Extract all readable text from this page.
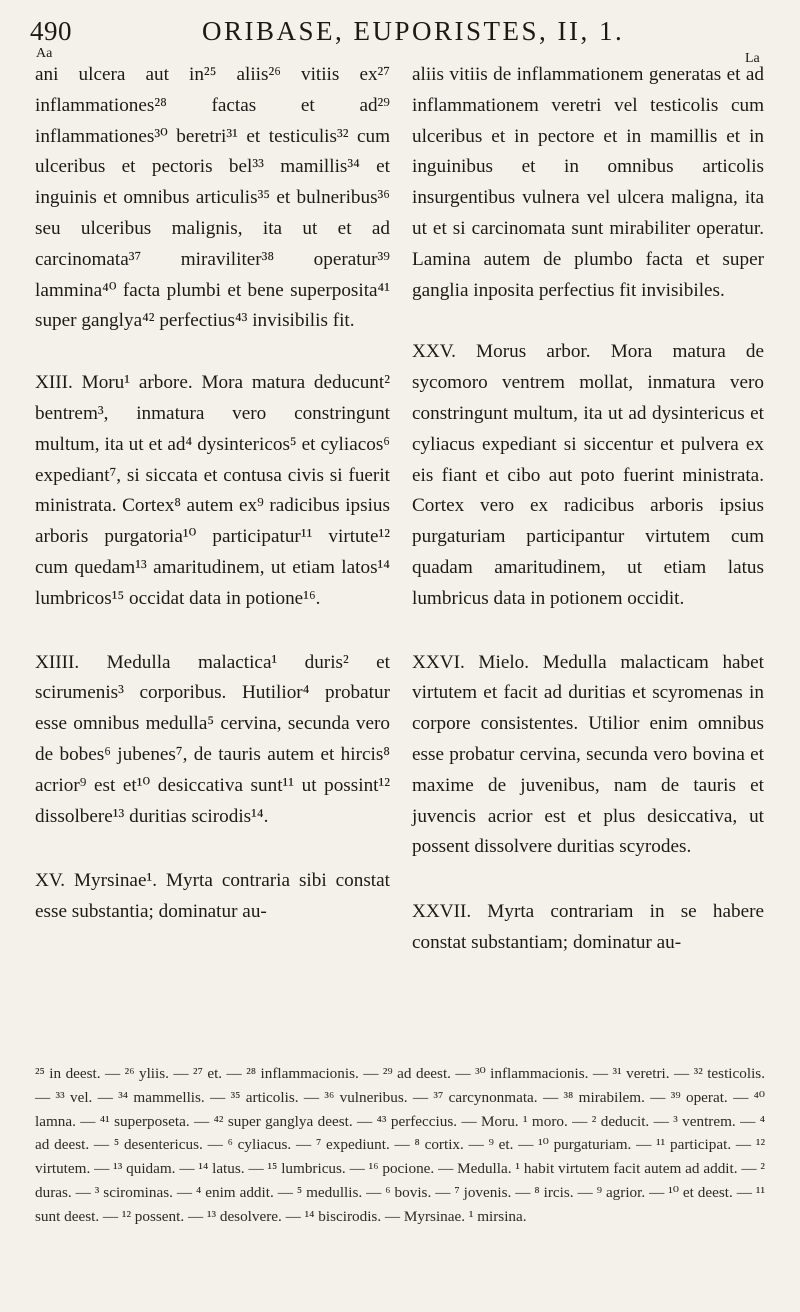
490	ORIBASE, EUPORISTES, II, 1.
Aa	La

ani ulcera aut in²⁵ aliis²⁶ vitiis ex²⁷ inflammationes²⁸ factas et ad²⁹ inflammationes³⁰ beretri³¹ et testiculis³² cum ulceribus et pectoris bel³³ mamillis³⁴ et inguinis et omnibus articulis³⁵ et bulneribus³⁶ seu ulceribus malignis, ita ut et ad carcinomata³⁷ miraviliter³⁸ operatur³⁹ lammina⁴⁰ facta plumbi et bene superposita⁴¹ super ganglya⁴² perfectius⁴³ invisibilis fit.

XIII. Moru¹ arbore. Mora matura deducunt² bentrem³, inmatura vero constringunt multum, ita ut et ad⁴ dysintericos⁵ et cyliacos⁶ expediant⁷, si siccata et contusa civis si fuerit ministrata. Cortex⁸ autem ex⁹ radicibus ipsius arboris purgatoria¹⁰ participatur¹¹ virtute¹² cum quedam¹³ amaritudinem, ut etiam latos¹⁴ lumbricos¹⁵ occidat data in potione¹⁶.

XIIII. Medulla malactica¹ duris² et scirumenis³ corporibus. Hutilior⁴ probatur esse omnibus medulla⁵ cervina, secunda vero de bobes⁶ jubenes⁷, de tauris autem et hircis⁸ acrior⁹ est et¹⁰ desiccativa sunt¹¹ ut possint¹² dissolbere¹³ duritias scirodis¹⁴.

XV. Myrsinae¹. Myrta contraria sibi constat esse substantia; dominatur au-

aliis vitiis de inflammationem generatas et ad inflammationem veretri vel testicolis cum ulceribus et in pectore et in mamillis et in inguinibus et in omnibus articolis insurgentibus vulnera vel ulcera maligna, ita ut et si carcinomata sunt mirabiliter operatur. Lamina autem de plumbo facta et super ganglia inposita perfectius fit invisibiles.

XXV. Morus arbor. Mora matura de sycomoro ventrem mollat, inmatura vero constringunt multum, ita ut ad dysintericus et cyliacus expediant si siccentur et pulvera ex eis fiant et cibo aut poto fuerint ministrata. Cortex vero ex radicibus arboris ipsius purgaturiam participantur virtutem cum quadam amaritudinem, ut etiam latus lumbricus data in potionem occidit.

XXVI. Mielo. Medulla malacticam habet virtutem et facit ad duritias et scyromenas in corpore consistentes. Utilior enim omnibus esse probatur cervina, secunda vero bovina et maxime de juvenibus, nam de tauris et juvencis acrior est et plus desiccativa, ut possent dissolvere duritias scyrodes.

XXVII. Myrta contrariam in se habere constat substantiam; dominatur au-

²⁵ in deest. — ²⁶ yliis. — ²⁷ et. — ²⁸ inflammacionis. — ²⁹ ad deest. — ³⁰ inflammacionis. — ³¹ veretri. — ³² testicolis. — ³³ vel. — ³⁴ mammellis. — ³⁵ articolis. — ³⁶ vulneribus. — ³⁷ carcynonmata. — ³⁸ mirabilem. — ³⁹ operat. — ⁴⁰ lamna. — ⁴¹ superposeta. — ⁴² super ganglya deest. — ⁴³ perfeccius. — Moru. ¹ moro. — ² deducit. — ³ ventrem. — ⁴ ad deest. — ⁵ desentericus. — ⁶ cyliacus. — ⁷ expediunt. — ⁸ cortix. — ⁹ et. — ¹⁰ purgaturiam. — ¹¹ participat. — ¹² virtutem. — ¹³ quidam. — ¹⁴ latus. — ¹⁵ lumbricus. — ¹⁶ pocione. — Medulla. ¹ habit virtutem facit autem ad addit. — ² duras. — ³ scirominas. — ⁴ enim addit. — ⁵ medullis. — ⁶ bovis. — ⁷ jovenis. — ⁸ ircis. — ⁹ agrior. — ¹⁰ et deest. — ¹¹ sunt deest. — ¹² possent. — ¹³ desolvere. — ¹⁴ biscirodis. — Myrsinae. ¹ mirsina.
